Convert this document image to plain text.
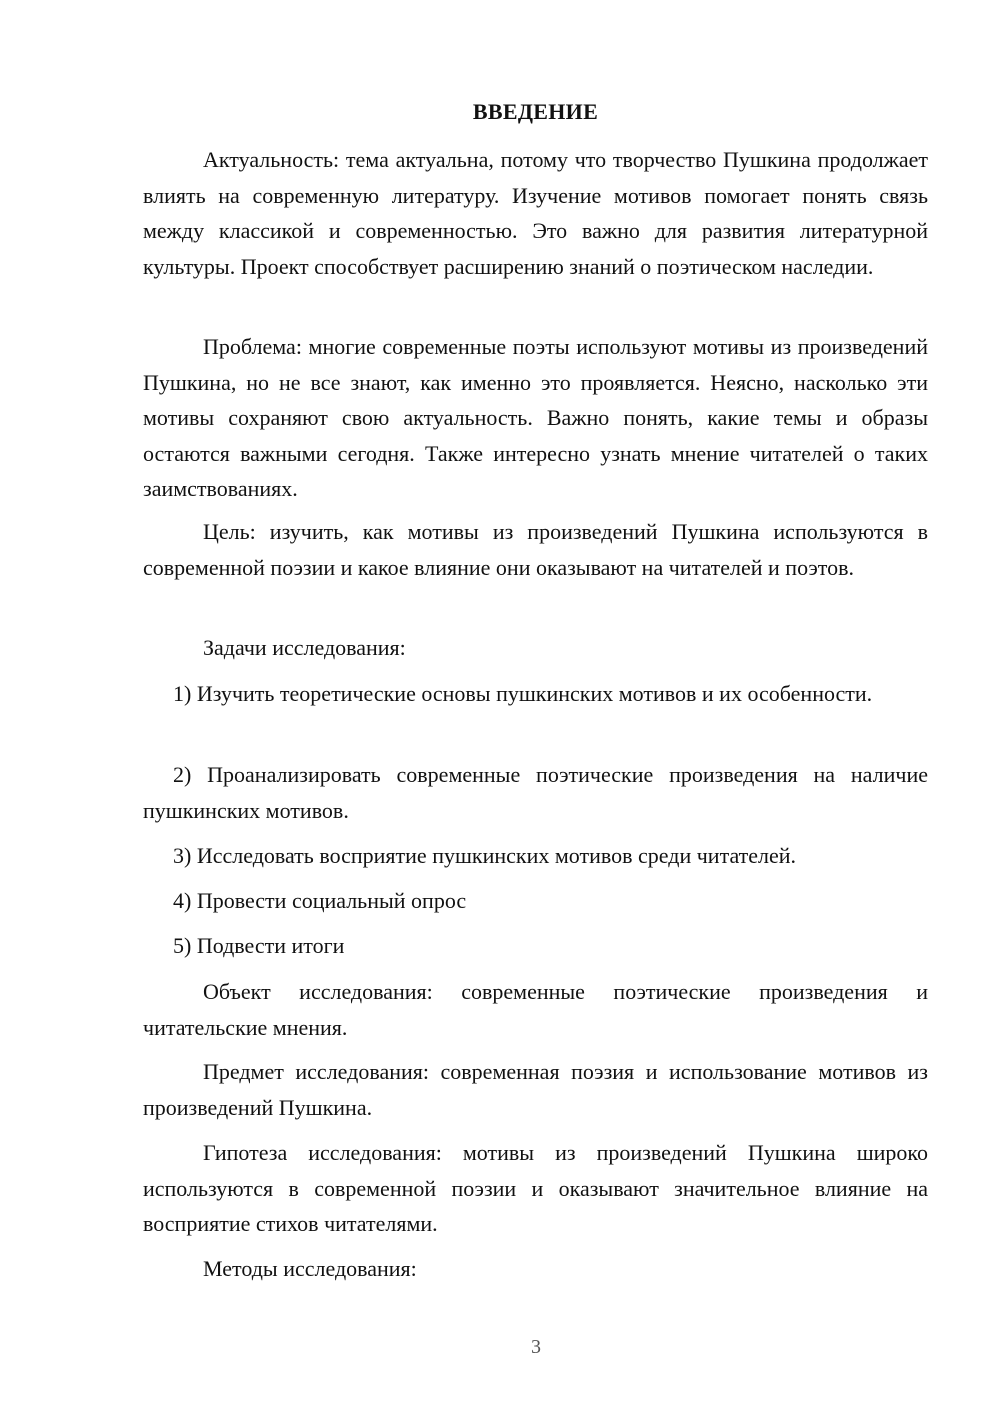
ВВЕДЕНИЕ

Актуальность: тема актуальна, потому что творчество Пушкина продолжает влиять на современную литературу. Изучение мотивов помогает понять связь между классикой и современностью. Это важно для развития литературной культуры. Проект способствует расширению знаний о поэтическом наследии.

Проблема: многие современные поэты используют мотивы из произведений Пушкина, но не все знают, как именно это проявляется. Неясно, насколько эти мотивы сохраняют свою актуальность. Важно понять, какие темы и образы остаются важными сегодня. Также интересно узнать мнение читателей о таких заимствованиях.

Цель: изучить, как мотивы из произведений Пушкина используются в современной поэзии и какое влияние они оказывают на читателей и поэтов.

Задачи исследования:

1) Изучить теоретические основы пушкинских мотивов и их особенности.

2) Проанализировать современные поэтические произведения на наличие пушкинских мотивов.

3) Исследовать восприятие пушкинских мотивов среди читателей.

4) Провести социальный опрос

5) Подвести итоги

Объект исследования: современные поэтические произведения и читательские мнения.

Предмет исследования: современная поэзия и использование мотивов из произведений Пушкина.

Гипотеза исследования: мотивы из произведений Пушкина широко используются в современной поэзии и оказывают значительное влияние на восприятие стихов читателями.

Методы исследования:

3
